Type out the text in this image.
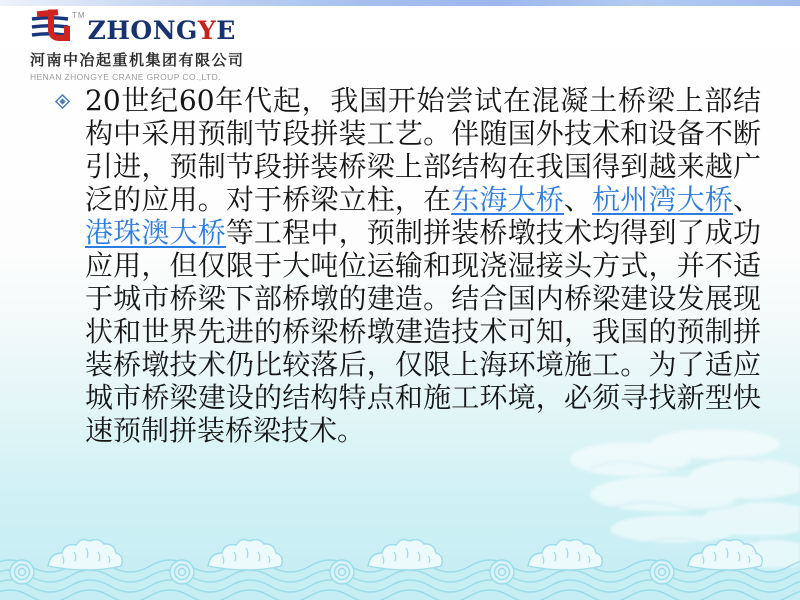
TM
ZHONGYE
河南中冶起重机集团有限公司
HENAN ZHONGYE CRANE GROUP CO.,LTD.
20世纪60年代起，我国开始尝试在混凝土桥梁上部结构中采用预制节段拼装工艺。伴随国外技术和设备不断引进，预制节段拼装桥梁上部结构在我国得到越来越广泛的应用。对于桥梁立柱，在东海大桥、杭州湾大桥、港珠澳大桥等工程中，预制拼装桥墩技术均得到了成功应用，但仅限于大吨位运输和现浇湿接头方式，并不适于城市桥梁下部桥墩的建造。结合国内桥梁建设发展现状和世界先进的桥梁桥墩建造技术可知，我国的预制拼装桥墩技术仍比较落后，仅限上海环境施工。为了适应城市桥梁建设的结构特点和施工环境，必须寻找新型快速预制拼装桥梁技术。
